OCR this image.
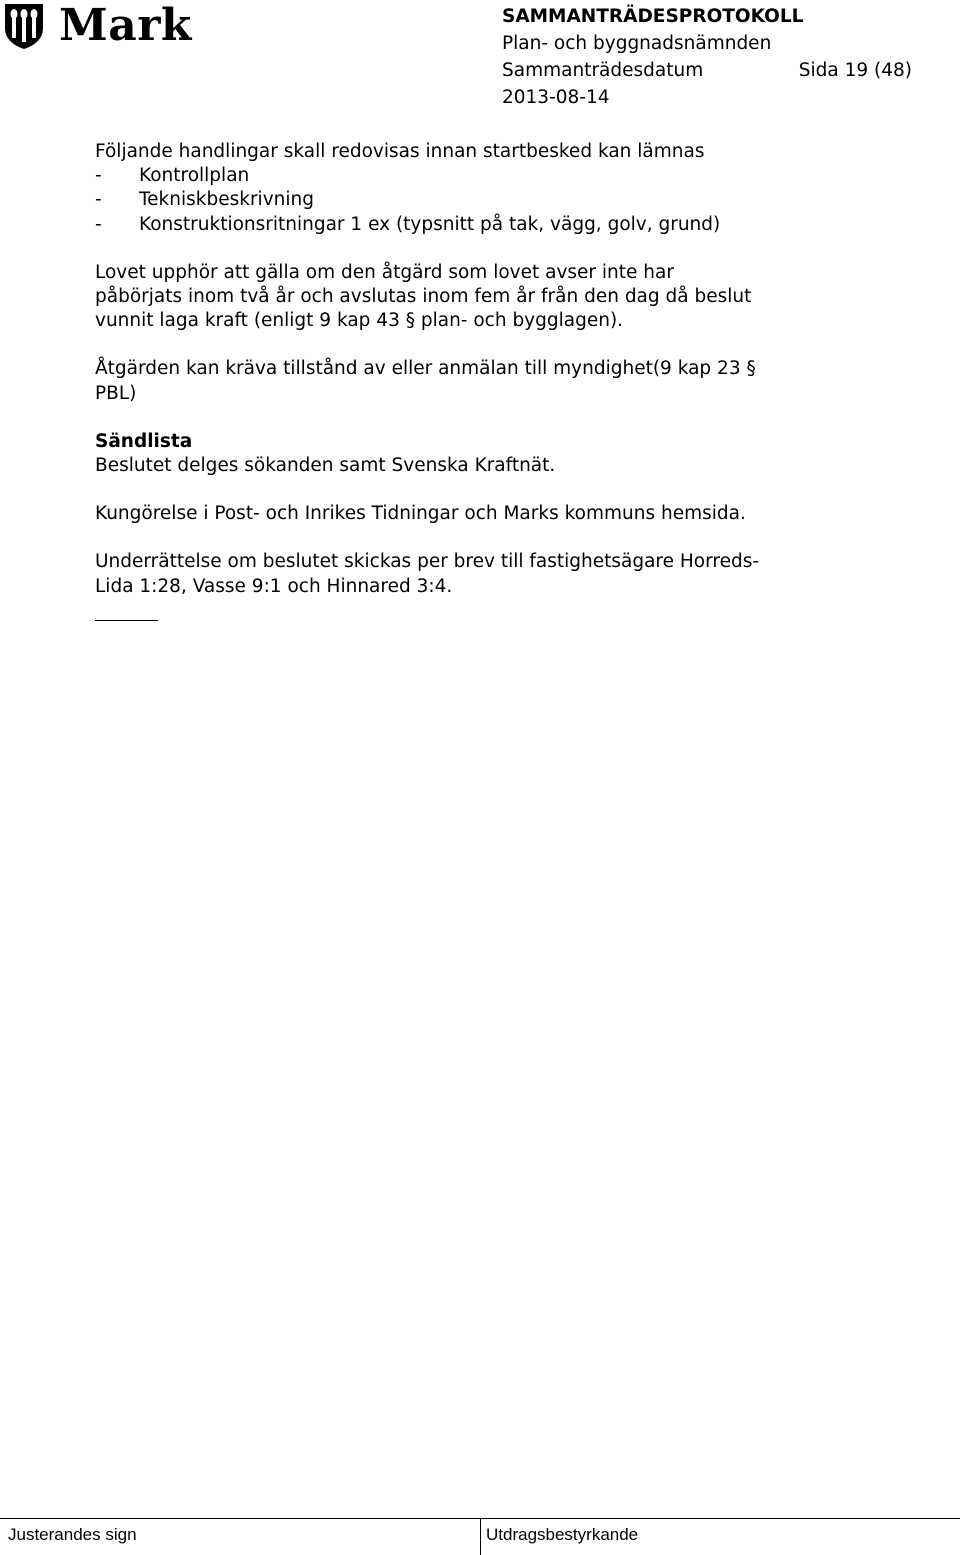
Mark	SAMMANTRÄDESPROTOKOLL
Plan- och byggnadsnämnden
Sammanträdesdatum	Sida 19 (48)
2013-08-14

Följande handlingar skall redovisas innan startbesked kan lämnas
-	Kontrollplan
-	Tekniskbeskrivning
-	Konstruktionsritningar 1 ex (typsnitt på tak, vägg, golv, grund)

Lovet upphör att gälla om den åtgärd som lovet avser inte har
påbörjats inom två år och avslutas inom fem år från den dag då beslut
vunnit laga kraft (enligt 9 kap 43 § plan- och bygglagen).

Åtgärden kan kräva tillstånd av eller anmälan till myndighet(9 kap 23 §
PBL)

Sändlista
Beslutet delges sökanden samt Svenska Kraftnät.

Kungörelse i Post- och Inrikes Tidningar och Marks kommuns hemsida.

Underrättelse om beslutet skickas per brev till fastighetsägare Horreds-
Lida 1:28, Vasse 9:1 och Hinnared 3:4.

Justerandes sign	Utdragsbestyrkande
